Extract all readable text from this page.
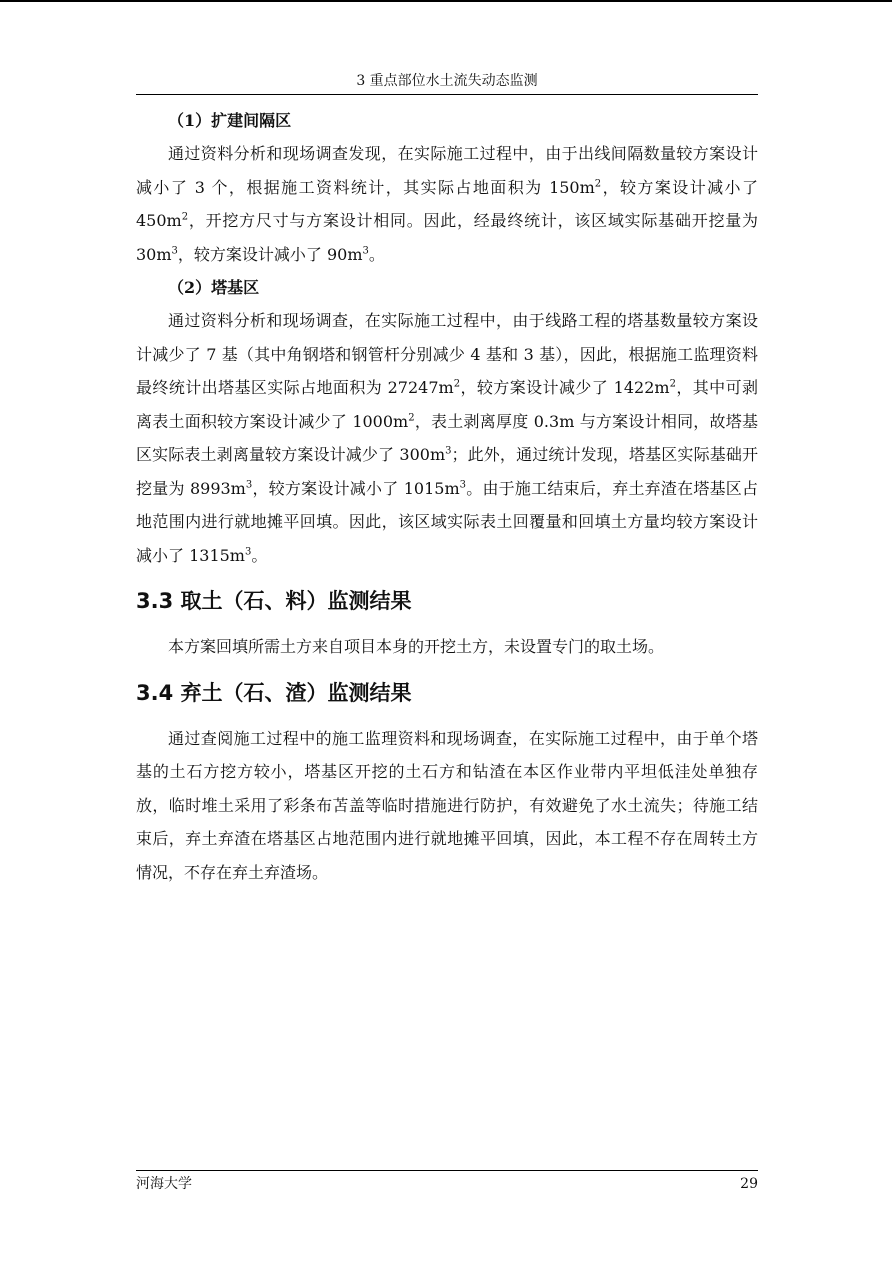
3 重点部位水土流失动态监测

（1）扩建间隔区

通过资料分析和现场调查发现，在实际施工过程中，由于出线间隔数量较方案设计减小了 3 个，根据施工资料统计，其实际占地面积为 $150m^2$，较方案设计减小了 $450m^2$，开挖方尺寸与方案设计相同。因此，经最终统计，该区域实际基础开挖量为 $30m^3$，较方案设计减小了 $90m^3$。

（2）塔基区

通过资料分析和现场调查，在实际施工过程中，由于线路工程的塔基数量较方案设计减少了 7 基（其中角钢塔和钢管杆分别减少 4 基和 3 基），因此，根据施工监理资料最终统计出塔基区实际占地面积为 $27247m^2$，较方案设计减少了 $1422m^2$，其中可剥离表土面积较方案设计减少了 $1000m^2$，表土剥离厚度 0.3m 与方案设计相同，故塔基区实际表土剥离量较方案设计减少了 $300m^3$；此外，通过统计发现，塔基区实际基础开挖量为 $8993m^3$，较方案设计减小了 $1015m^3$。由于施工结束后，弃土弃渣在塔基区占地范围内进行就地摊平回填。因此，该区域实际表土回覆量和回填土方量均较方案设计减小了 $1315m^3$。

3.3 取土（石、料）监测结果

本方案回填所需土方来自项目本身的开挖土方，未设置专门的取土场。

3.4 弃土（石、渣）监测结果

通过查阅施工过程中的施工监理资料和现场调查，在实际施工过程中，由于单个塔基的土石方挖方较小，塔基区开挖的土石方和钻渣在本区作业带内平坦低洼处单独存放，临时堆土采用了彩条布苫盖等临时措施进行防护，有效避免了水土流失；待施工结束后，弃土弃渣在塔基区占地范围内进行就地摊平回填，因此，本工程不存在周转土方情况，不存在弃土弃渣场。

河海大学	29
